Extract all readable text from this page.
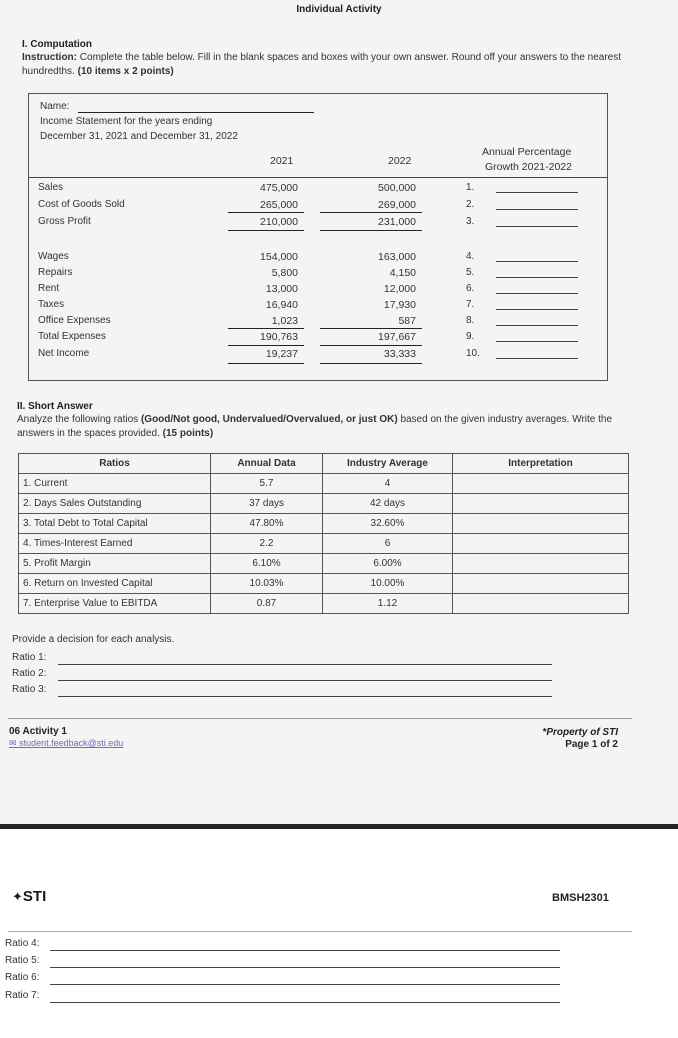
Individual Activity
I. Computation
Instruction: Complete the table below. Fill in the blank spaces and boxes with your own answer. Round off your answers to the nearest hundredths. (10 items x 2 points)
Name:
Income Statement for the years ending
December 31, 2021 and December 31, 2022
2021	2022
Annual Percentage
Growth 2021-2022
Sales	475,000	500,000	1.
Cost of Goods Sold	265,000	269,000	2.
Gross Profit	210,000	231,000	3.
Wages	154,000	163,000	4.
Repairs	5,800	4,150	5.
Rent	13,000	12,000	6.
Taxes	16,940	17,930	7.
Office Expenses	1,023	587	8.
Total Expenses	190,763	197,667	9.
Net Income	19,237	33,333	10.
II. Short Answer
Analyze the following ratios (Good/Not good, Undervalued/Overvalued, or just OK) based on the given industry averages. Write the answers in the spaces provided. (15 points)
Ratios	Annual Data	Industry Average	Interpretation
1. Current	5.7	4	
2. Days Sales Outstanding	37 days	42 days	
3. Total Debt to Total Capital	47.80%	32.60%	
4. Times-Interest Earned	2.2	6	
5. Profit Margin	6.10%	6.00%	
6. Return on Invested Capital	10.03%	10.00%	
7. Enterprise Value to EBITDA	0.87	1.12	
Provide a decision for each analysis.
Ratio 1:
Ratio 2:
Ratio 3:
06 Activity 1
✉ student.feedback@sti.edu
*Property of STI
Page 1 of 2
✦STI	BMSH2301
Ratio 4:
Ratio 5:
Ratio 6:
Ratio 7:
